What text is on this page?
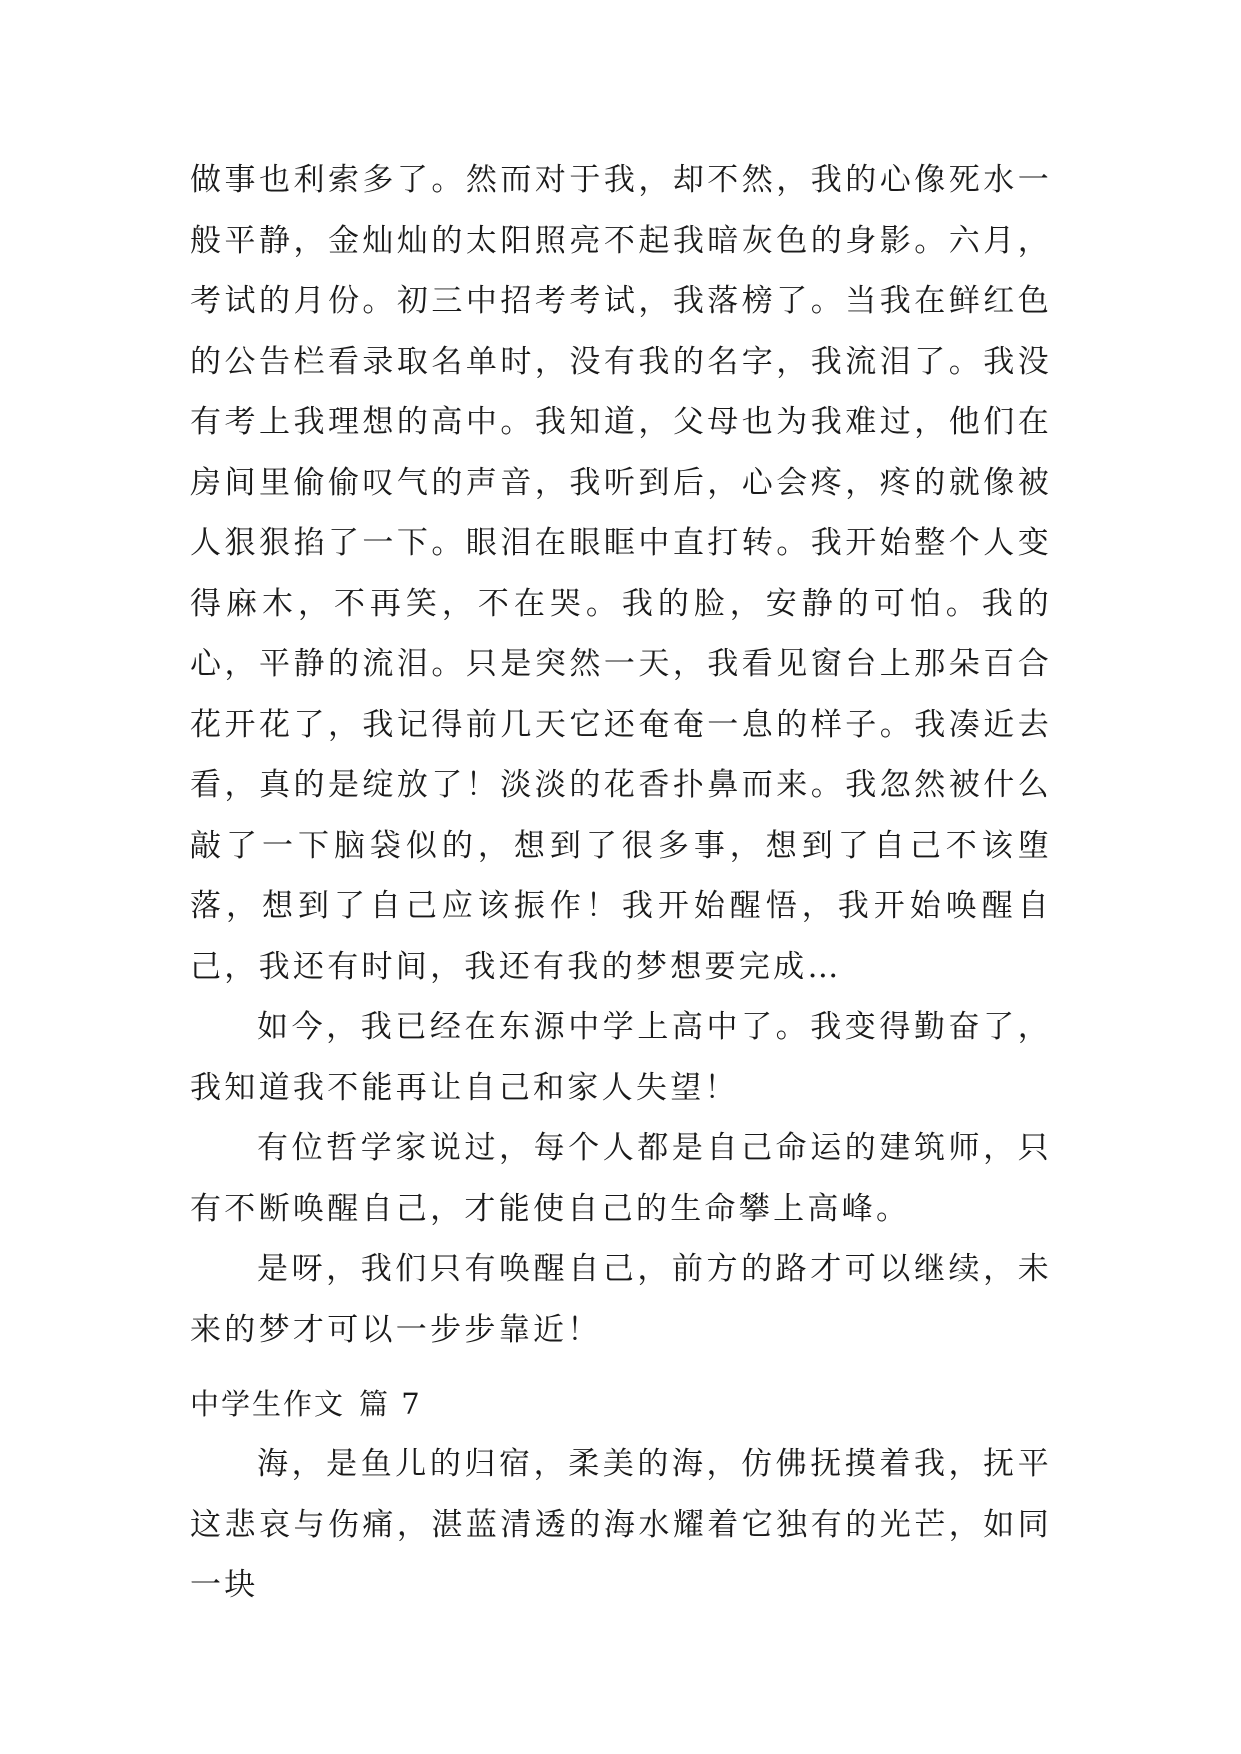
做事也利索多了。然而对于我，却不然，我的心像死水一般平静，金灿灿的太阳照亮不起我暗灰色的身影。六月，考试的月份。初三中招考考试，我落榜了。当我在鲜红色的公告栏看录取名单时，没有我的名字，我流泪了。我没有考上我理想的高中。我知道，父母也为我难过，他们在房间里偷偷叹气的声音，我听到后，心会疼，疼的就像被人狠狠掐了一下。眼泪在眼眶中直打转。我开始整个人变得麻木，不再笑，不在哭。我的脸，安静的可怕。我的心，平静的流泪。只是突然一天，我看见窗台上那朵百合花开花了，我记得前几天它还奄奄一息的样子。我凑近去看，真的是绽放了！淡淡的花香扑鼻而来。我忽然被什么敲了一下脑袋似的，想到了很多事，想到了自己不该堕落，想到了自己应该振作！我开始醒悟，我开始唤醒自己，我还有时间，我还有我的梦想要完成…

如今，我已经在东源中学上高中了。我变得勤奋了，我知道我不能再让自己和家人失望！

有位哲学家说过，每个人都是自己命运的建筑师，只有不断唤醒自己，才能使自己的生命攀上高峰。

是呀，我们只有唤醒自己，前方的路才可以继续，未来的梦才可以一步步靠近！

中学生作文 篇 7

海，是鱼儿的归宿，柔美的海，仿佛抚摸着我，抚平这悲哀与伤痛，湛蓝清透的海水耀着它独有的光芒，如同一块
